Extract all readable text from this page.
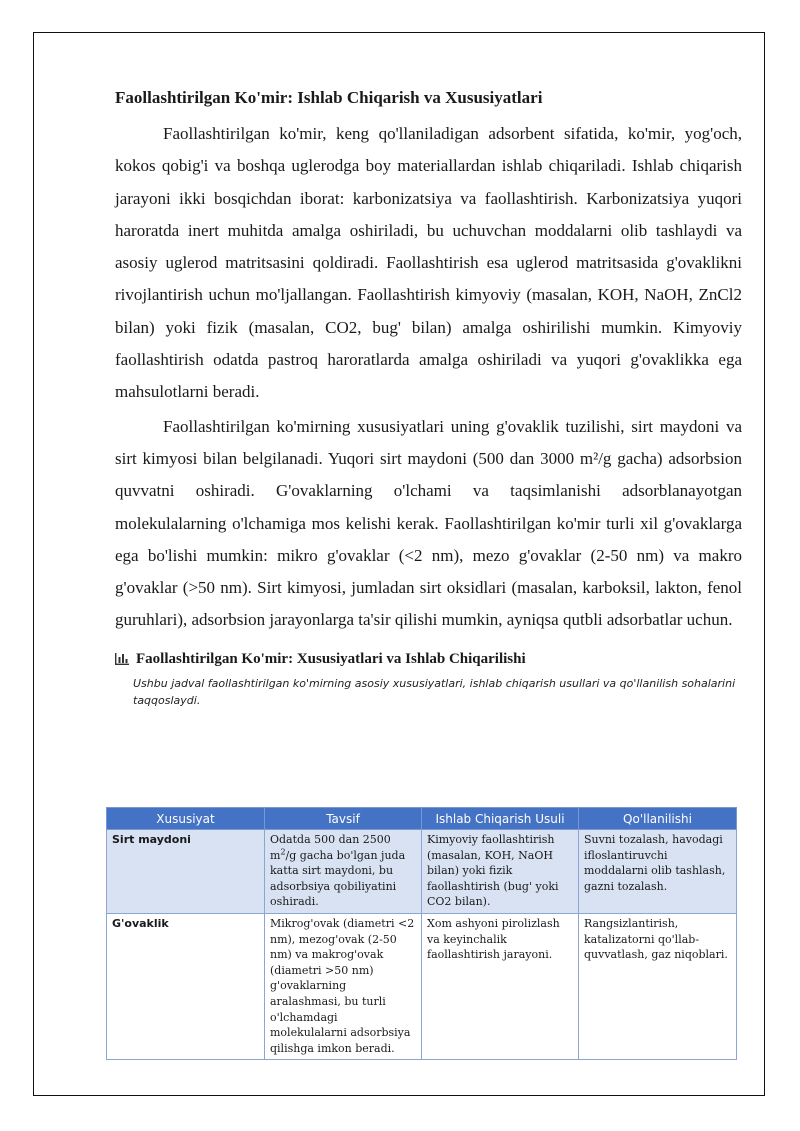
Faollashtirilgan Ko'mir: Ishlab Chiqarish va Xususiyatlari

Faollashtirilgan ko'mir, keng qo'llaniladigan adsorbent sifatida, ko'mir, yog'och, kokos qobig'i va boshqa uglerodga boy materiallardan ishlab chiqariladi. Ishlab chiqarish jarayoni ikki bosqichdan iborat: karbonizatsiya va faollashtirish. Karbonizatsiya yuqori haroratda inert muhitda amalga oshiriladi, bu uchuvchan moddalarni olib tashlaydi va asosiy uglerod matritsasini qoldiradi. Faollashtirish esa uglerod matritsasida g'ovaklikni rivojlantirish uchun mo'ljallangan. Faollashtirish kimyoviy (masalan, KOH, NaOH, ZnCl2 bilan) yoki fizik (masalan, CO2, bug' bilan) amalga oshirilishi mumkin. Kimyoviy faollashtirish odatda pastroq haroratlarda amalga oshiriladi va yuqori g'ovaklikka ega mahsulotlarni beradi.

Faollashtirilgan ko'mirning xususiyatlari uning g'ovaklik tuzilishi, sirt maydoni va sirt kimyosi bilan belgilanadi. Yuqori sirt maydoni (500 dan 3000 m²/g gacha) adsorbsion quvvatni oshiradi. G'ovaklarning o'lchami va taqsimlanishi adsorblanayotgan molekulalarning o'lchamiga mos kelishi kerak. Faollashtirilgan ko'mir turli xil g'ovaklarga ega bo'lishi mumkin: mikro g'ovaklar (<2 nm), mezo g'ovaklar (2-50 nm) va makro g'ovaklar (>50 nm). Sirt kimyosi, jumladan sirt oksidlari (masalan, karboksil, lakton, fenol guruhlari), adsorbsion jarayonlarga ta'sir qilishi mumkin, ayniqsa qutbli adsorbatlar uchun.

Faollashtirilgan Ko'mir: Xususiyatlari va Ishlab Chiqarilishi
Ushbu jadval faollashtirilgan ko'mirning asosiy xususiyatlari, ishlab chiqarish usullari va qo'llanilish sohalarini taqqoslaydi.
Xususiyat	Tavsif	Ishlab Chiqarish Usuli	Qo'llanilishi
Sirt maydoni	Odatda 500 dan 2500 $m^2/g$ gacha bo'lgan juda katta sirt maydoni, bu adsorbsiya qobiliyatini oshiradi.	Kimyoviy faollashtirish (masalan, KOH, NaOH bilan) yoki fizik faollashtirish (bug' yoki CO2 bilan).	Suvni tozalash, havodagi ifloslantiruvchi moddalarni olib tashlash, gazni tozalash.
G'ovaklik	Mikrog'ovak (diametri <2 nm), mezog'ovak (2-50 nm) va makrog'ovak (diametri >50 nm) g'ovaklarning aralashmasi, bu turli o'lchamdagi molekulalarni adsorbsiya qilishga imkon beradi.	Xom ashyoni pirolizlash va keyinchalik faollashtirish jarayoni.	Rangsizlantirish, katalizatorni qo'llab-quvvatlash, gaz niqoblari.
